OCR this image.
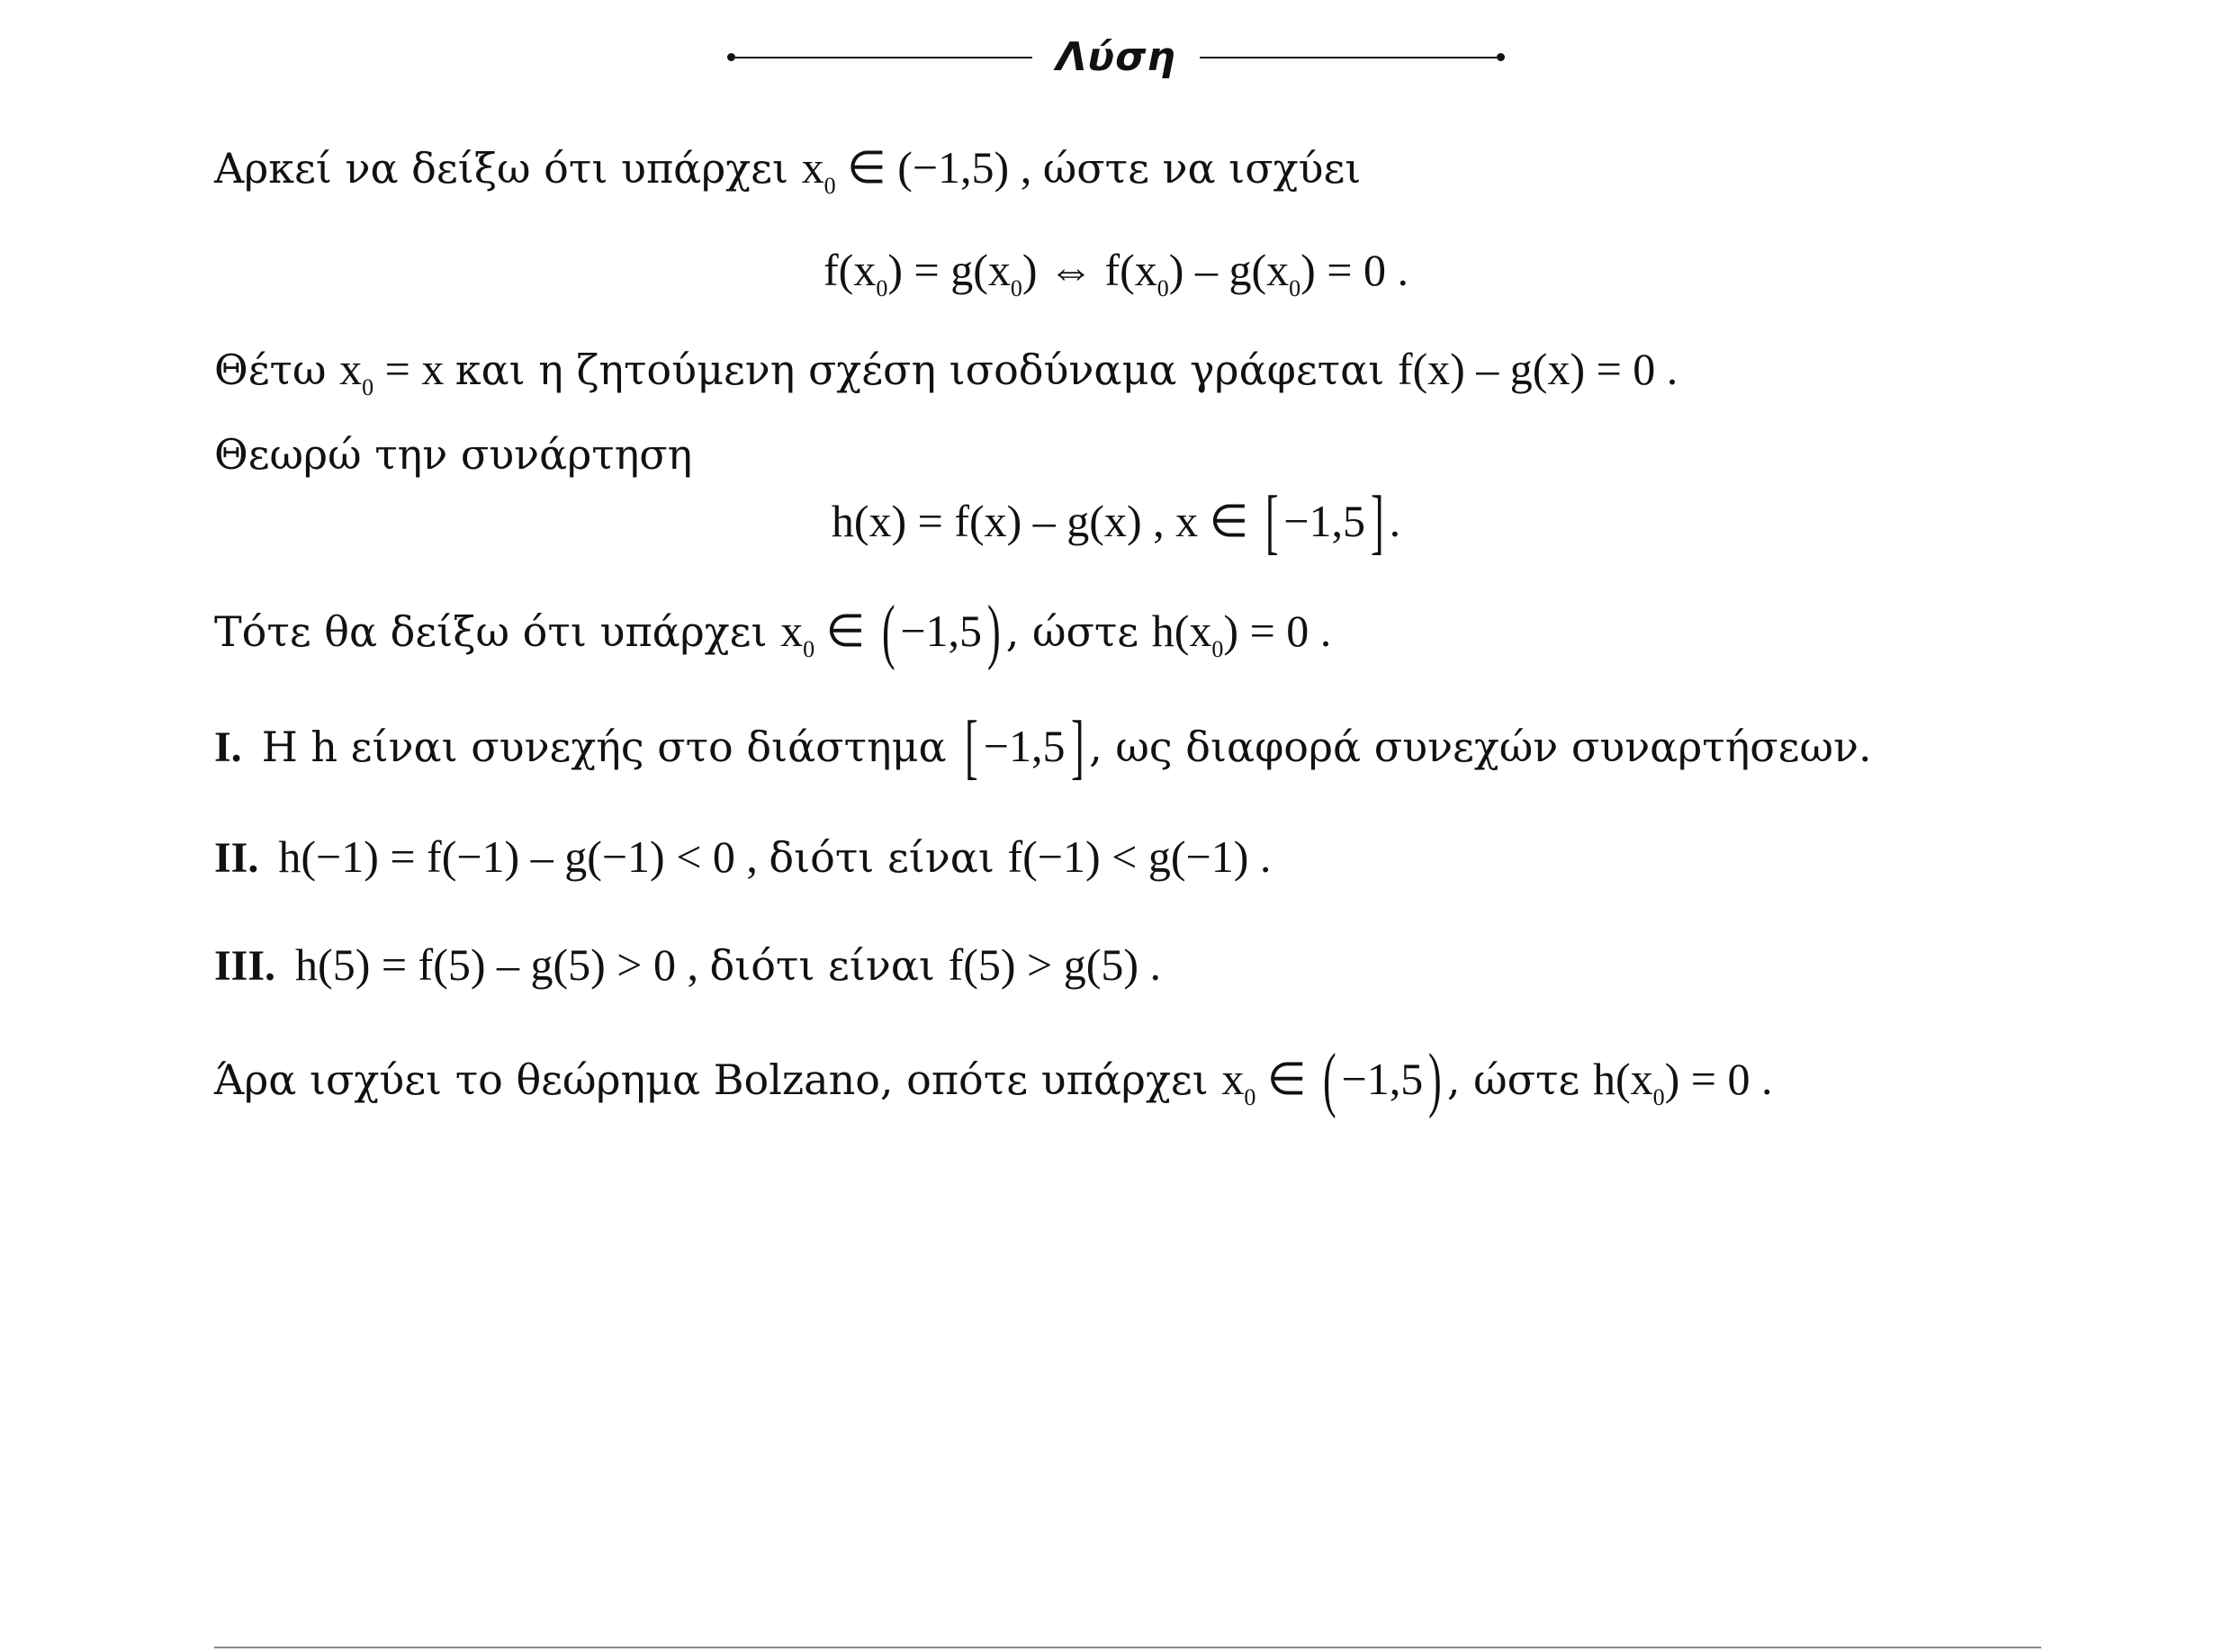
Λύση
Αρκεί να δείξω ότι υπάρχει $x_0$ ∈ (−1,5) , ώστε να ισχύει
$f(x_0) = g(x_0)$ ⇔ $f(x_0) - g(x_0) = 0$ .
Θέτω $x_0 = x$ και η ζητούμενη σχέση ισοδύναμα γράφεται f(x) – g(x) = 0 .
Θεωρώ την συνάρτηση
h(x) = f(x) – g(x) , x ∈ [ −1,5] .
Τότε θα δείξω ότι υπάρχει $x_0$ ∈ ( −1,5) , ώστε $h(x_0) = 0$ .
I. Η h είναι συνεχής στο διάστημα [ −1,5] , ως διαφορά συνεχών συναρτήσεων.
II. h(−1) = f(−1) – g(−1) < 0 , διότι είναι f(−1) < g(−1) .
III. h(5) = f(5) – g(5) > 0 , διότι είναι f(5) > g(5) .
Άρα ισχύει το θεώρημα Bolzano, οπότε υπάρχει $x_0$ ∈ ( −1,5) , ώστε $h(x_0) = 0$ .
